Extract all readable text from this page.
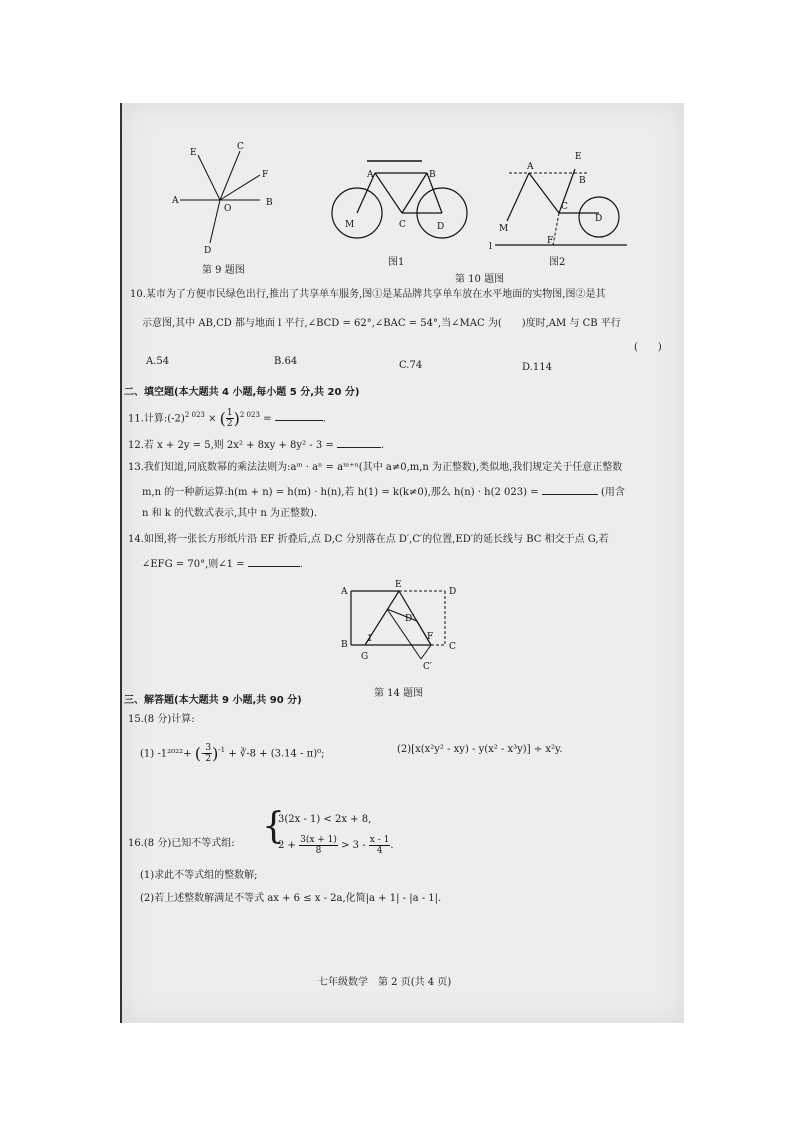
E
C
F
A
O
B
D
第 9 题图
A	B
M	C	D
图1
E
A
B
M
C
D
F
l
图2
第 10 题图
10.某市为了方便市民绿色出行,推出了共享单车服务,图①是某品牌共享单车放在水平地面的实物图,图②是其
示意图,其中 AB,CD 都与地面 l 平行,∠BCD = 62°,∠BAC = 54°,当∠MAC 为(　　)度时,AM 与 CB 平行
(　　)
A.54	B.64	C.74	D.114
二、填空题(本大题共 4 小题,每小题 5 分,共 20 分)
11.计算$:(-2)^{2 023}$ × ( $\frac{1}{2} )^{2 023}$ =	.
12.若 x + 2y = 5,则 2x² + 8xy + 8y² - 3 =	.
13.我们知道,同底数幂的乘法法则为:aᵐ · aⁿ = aᵐ⁺ⁿ(其中 a≠0,m,n 为正整数),类似地,我们规定关于任意正整数
m,n 的一种新运算:h(m + n) = h(m) · h(n),若 h(1) = k(k≠0),那么 h(n) · h(2 023) =	(用含
n 和 k 的代数式表示,其中 n 为正整数).
14.如图,将一张长方形纸片沿 EF 折叠后,点 D,C 分别落在点 D′,C′的位置,ED′的延长线与 BC 相交于点 G,若
∠EFG = 70°,则∠1 =	.
A
E
D
D′
B
1
G
F
C
C′
第 14 题图
三、解答题(本大题共 9 小题,共 90 分)
15.(8 分)计算:
(1) -1²⁰²²+ (- $\frac{3}{2} )^{-1}$ + ∛-8 + (3.14 - π)⁰;	(2)[x(x²y² - xy) - y(x² - x³y)] ÷ x²y.
16.(8 分)已知不等式组: {
3(2x - 1) < 2x + 8,
$2 + \frac{3(x + 1)}{8} > 3 - \frac{x - 1}{4}$ .
(1)求此不等式组的整数解;
(2)若上述整数解满足不等式 ax + 6 ≤ x - 2a,化简|a + 1| - |a - 1|.
七年级数学　第 2 页(共 4 页)
